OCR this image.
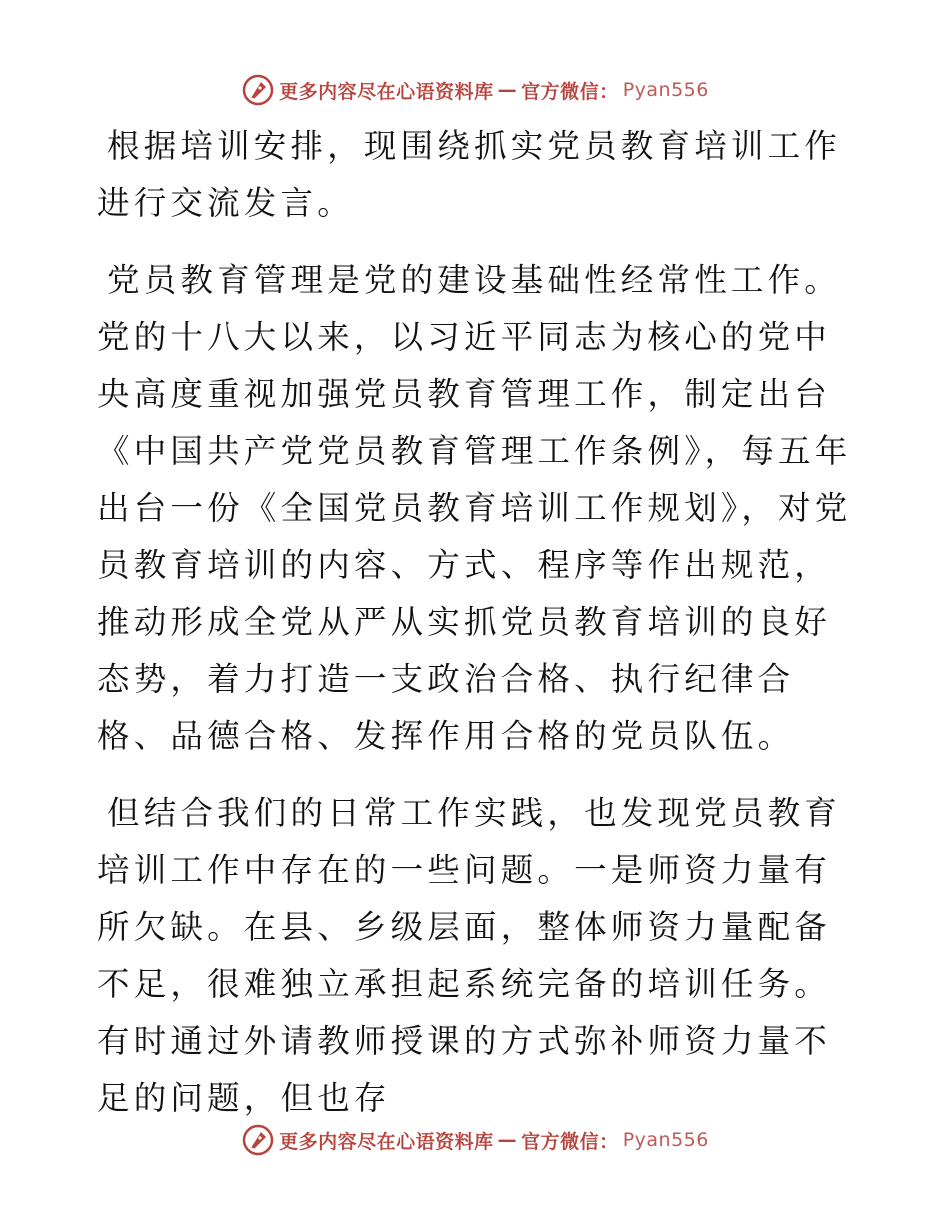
更多内容尽在心语资料库 — 官方微信： Pyan556

根据培训安排，现围绕抓实党员教育培训工作进行交流发言。

党员教育管理是党的建设基础性经常性工作。党的十八大以来，以习近平同志为核心的党中央高度重视加强党员教育管理工作，制定出台《中国共产党党员教育管理工作条例》，每五年出台一份《全国党员教育培训工作规划》，对党员教育培训的内容、方式、程序等作出规范，推动形成全党从严从实抓党员教育培训的良好态势，着力打造一支政治合格、执行纪律合格、品德合格、发挥作用合格的党员队伍。

但结合我们的日常工作实践，也发现党员教育培训工作中存在的一些问题。一是师资力量有所欠缺。在县、乡级层面，整体师资力量配备不足，很难独立承担起系统完备的培训任务。有时通过外请教师授课的方式弥补师资力量不足的问题，但也存

更多内容尽在心语资料库 — 官方微信： Pyan556
